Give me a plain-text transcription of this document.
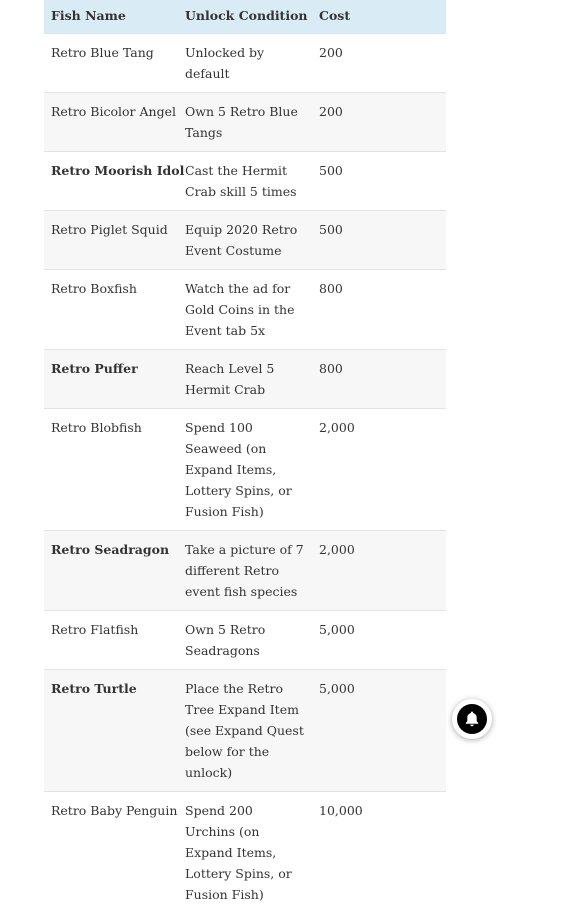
Fish Name	Unlock Condition	Cost
Retro Blue Tang	Unlocked by default	200
Retro Bicolor Angel	Own 5 Retro Blue Tangs	200
Retro Moorish Idol	Cast the Hermit Crab skill 5 times	500
Retro Piglet Squid	Equip 2020 Retro Event Costume	500
Retro Boxfish	Watch the ad for Gold Coins in the Event tab 5x	800
Retro Puffer	Reach Level 5 Hermit Crab	800
Retro Blobfish	Spend 100 Seaweed (on Expand Items, Lottery Spins, or Fusion Fish)	2,000
Retro Seadragon	Take a picture of 7 different Retro event fish species	2,000
Retro Flatfish	Own 5 Retro Seadragons	5,000
Retro Turtle	Place the Retro Tree Expand Item (see Expand Quest below for the unlock)	5,000
Retro Baby Penguin	Spend 200 Urchins (on Expand Items, Lottery Spins, or Fusion Fish)	10,000
